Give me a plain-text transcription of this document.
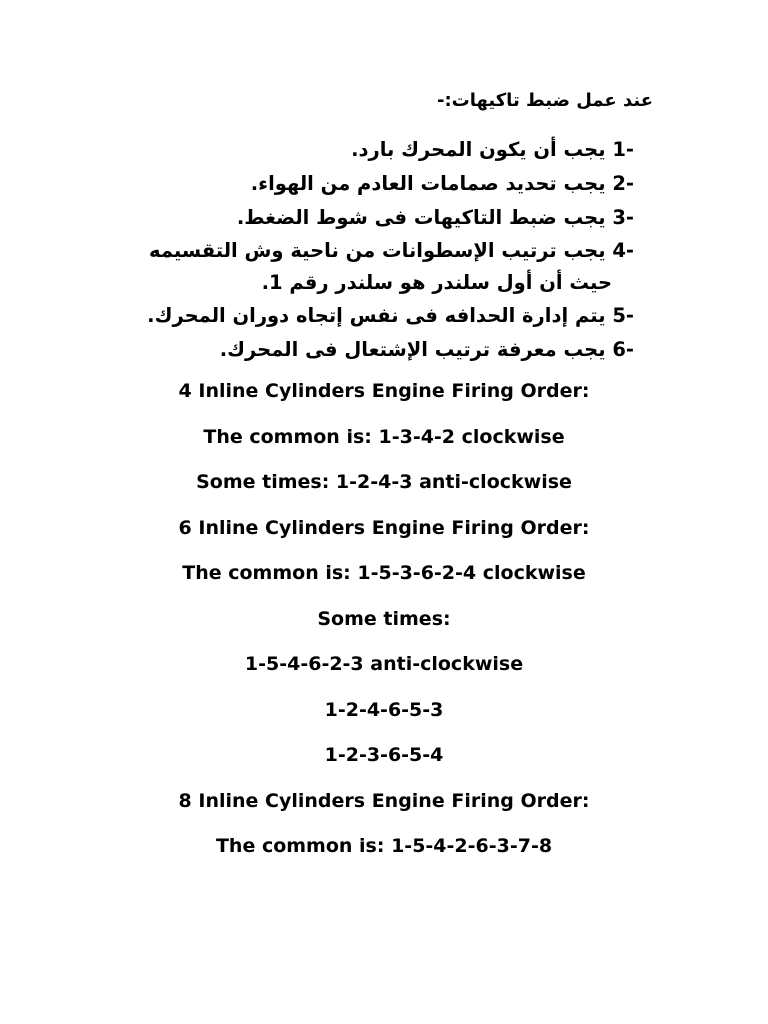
عند عمل ضبط تاكيهات:-
1- يجب أن يكون المحرك بارد.
2- يجب تحديد صمامات العادم من الهواء.
3- يجب ضبط التاكيهات فى شوط الضغط.
4- يجب ترتيب الإسطوانات من ناحية وش التقسيمه حيث أن أول سلندر هو سلندر رقم 1.
5- يتم إدارة الحدافه فى نفس إتجاه دوران المحرك.
6- يجب معرفة ترتيب الإشتعال فى المحرك.
4 Inline Cylinders Engine Firing Order:
The common is: 1-3-4-2 clockwise
Some times: 1-2-4-3 anti-clockwise
6 Inline Cylinders Engine Firing Order:
The common is: 1-5-3-6-2-4 clockwise
Some times:
1-5-4-6-2-3 anti-clockwise
1-2-4-6-5-3
1-2-3-6-5-4
8 Inline Cylinders Engine Firing Order:
The common is: 1-5-4-2-6-3-7-8
